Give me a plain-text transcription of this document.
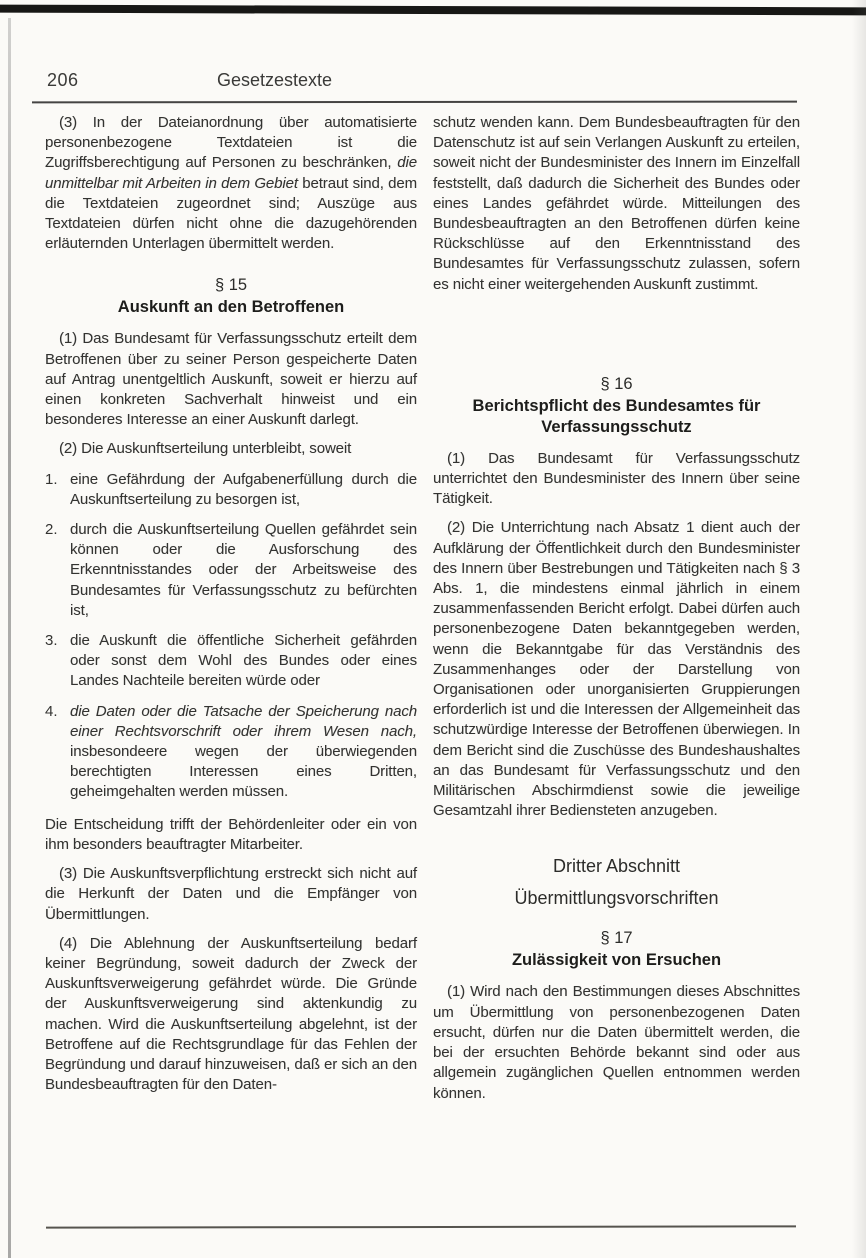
206	Gesetzestexte

(3) In der Dateianordnung über automatisierte personenbezogene Textdateien ist die Zugriffsberechtigung auf Personen zu beschränken, die unmittelbar mit Arbeiten in dem Gebiet betraut sind, dem die Textdateien zugeordnet sind; Auszüge aus Textdateien dürfen nicht ohne die dazugehörenden erläuternden Unterlagen übermittelt werden.

§ 15
Auskunft an den Betroffenen

(1) Das Bundesamt für Verfassungsschutz erteilt dem Betroffenen über zu seiner Person gespeicherte Daten auf Antrag unentgeltlich Auskunft, soweit er hierzu auf einen konkreten Sachverhalt hinweist und ein besonderes Interesse an einer Auskunft darlegt.

(2) Die Auskunftserteilung unterbleibt, soweit

1. eine Gefährdung der Aufgabenerfüllung durch die Auskunftserteilung zu besorgen ist,
2. durch die Auskunftserteilung Quellen gefährdet sein können oder die Ausforschung des Erkenntnisstandes oder der Arbeitsweise des Bundesamtes für Verfassungsschutz zu befürchten ist,
3. die Auskunft die öffentliche Sicherheit gefährden oder sonst dem Wohl des Bundes oder eines Landes Nachteile bereiten würde oder
4. die Daten oder die Tatsache der Speicherung nach einer Rechtsvorschrift oder ihrem Wesen nach, insbesondeere wegen der überwiegenden berechtigten Interessen eines Dritten, geheimgehalten werden müssen.

Die Entscheidung trifft der Behördenleiter oder ein von ihm besonders beauftragter Mitarbeiter.

(3) Die Auskunftsverpflichtung erstreckt sich nicht auf die Herkunft der Daten und die Empfänger von Übermittlungen.

(4) Die Ablehnung der Auskunftserteilung bedarf keiner Begründung, soweit dadurch der Zweck der Auskunftsverweigerung gefährdet würde. Die Gründe der Auskunftsverweigerung sind aktenkundig zu machen. Wird die Auskunftserteilung abgelehnt, ist der Betroffene auf die Rechtsgrundlage für das Fehlen der Begründung und darauf hinzuweisen, daß er sich an den Bundesbeauftragten für den Daten-

schutz wenden kann. Dem Bundesbeauftragten für den Datenschutz ist auf sein Verlangen Auskunft zu erteilen, soweit nicht der Bundesminister des Innern im Einzelfall feststellt, daß dadurch die Sicherheit des Bundes oder eines Landes gefährdet würde. Mitteilungen des Bundesbeauftragten an den Betroffenen dürfen keine Rückschlüsse auf den Erkenntnisstand des Bundesamtes für Verfassungsschutz zulassen, sofern es nicht einer weitergehenden Auskunft zustimmt.

§ 16
Berichtspflicht des Bundesamtes für Verfassungsschutz

(1) Das Bundesamt für Verfassungsschutz unterrichtet den Bundesminister des Innern über seine Tätigkeit.

(2) Die Unterrichtung nach Absatz 1 dient auch der Aufklärung der Öffentlichkeit durch den Bundesminister des Innern über Bestrebungen und Tätigkeiten nach § 3 Abs. 1, die mindestens einmal jährlich in einem zusammenfassenden Bericht erfolgt. Dabei dürfen auch personenbezogene Daten bekanntgegeben werden, wenn die Bekanntgabe für das Verständnis des Zusammenhanges oder der Darstellung von Organisationen oder unorganisierten Gruppierungen erforderlich ist und die Interessen der Allgemeinheit das schutzwürdige Interesse der Betroffenen überwiegen. In dem Bericht sind die Zuschüsse des Bundeshaushaltes an das Bundesamt für Verfassungsschutz und den Militärischen Abschirmdienst sowie die jeweilige Gesamtzahl ihrer Bediensteten anzugeben.

Dritter Abschnitt
Übermittlungsvorschriften
§ 17
Zulässigkeit von Ersuchen

(1) Wird nach den Bestimmungen dieses Abschnittes um Übermittlung von personenbezogenen Daten ersucht, dürfen nur die Daten übermittelt werden, die bei der ersuchten Behörde bekannt sind oder aus allgemein zugänglichen Quellen entnommen werden können.
